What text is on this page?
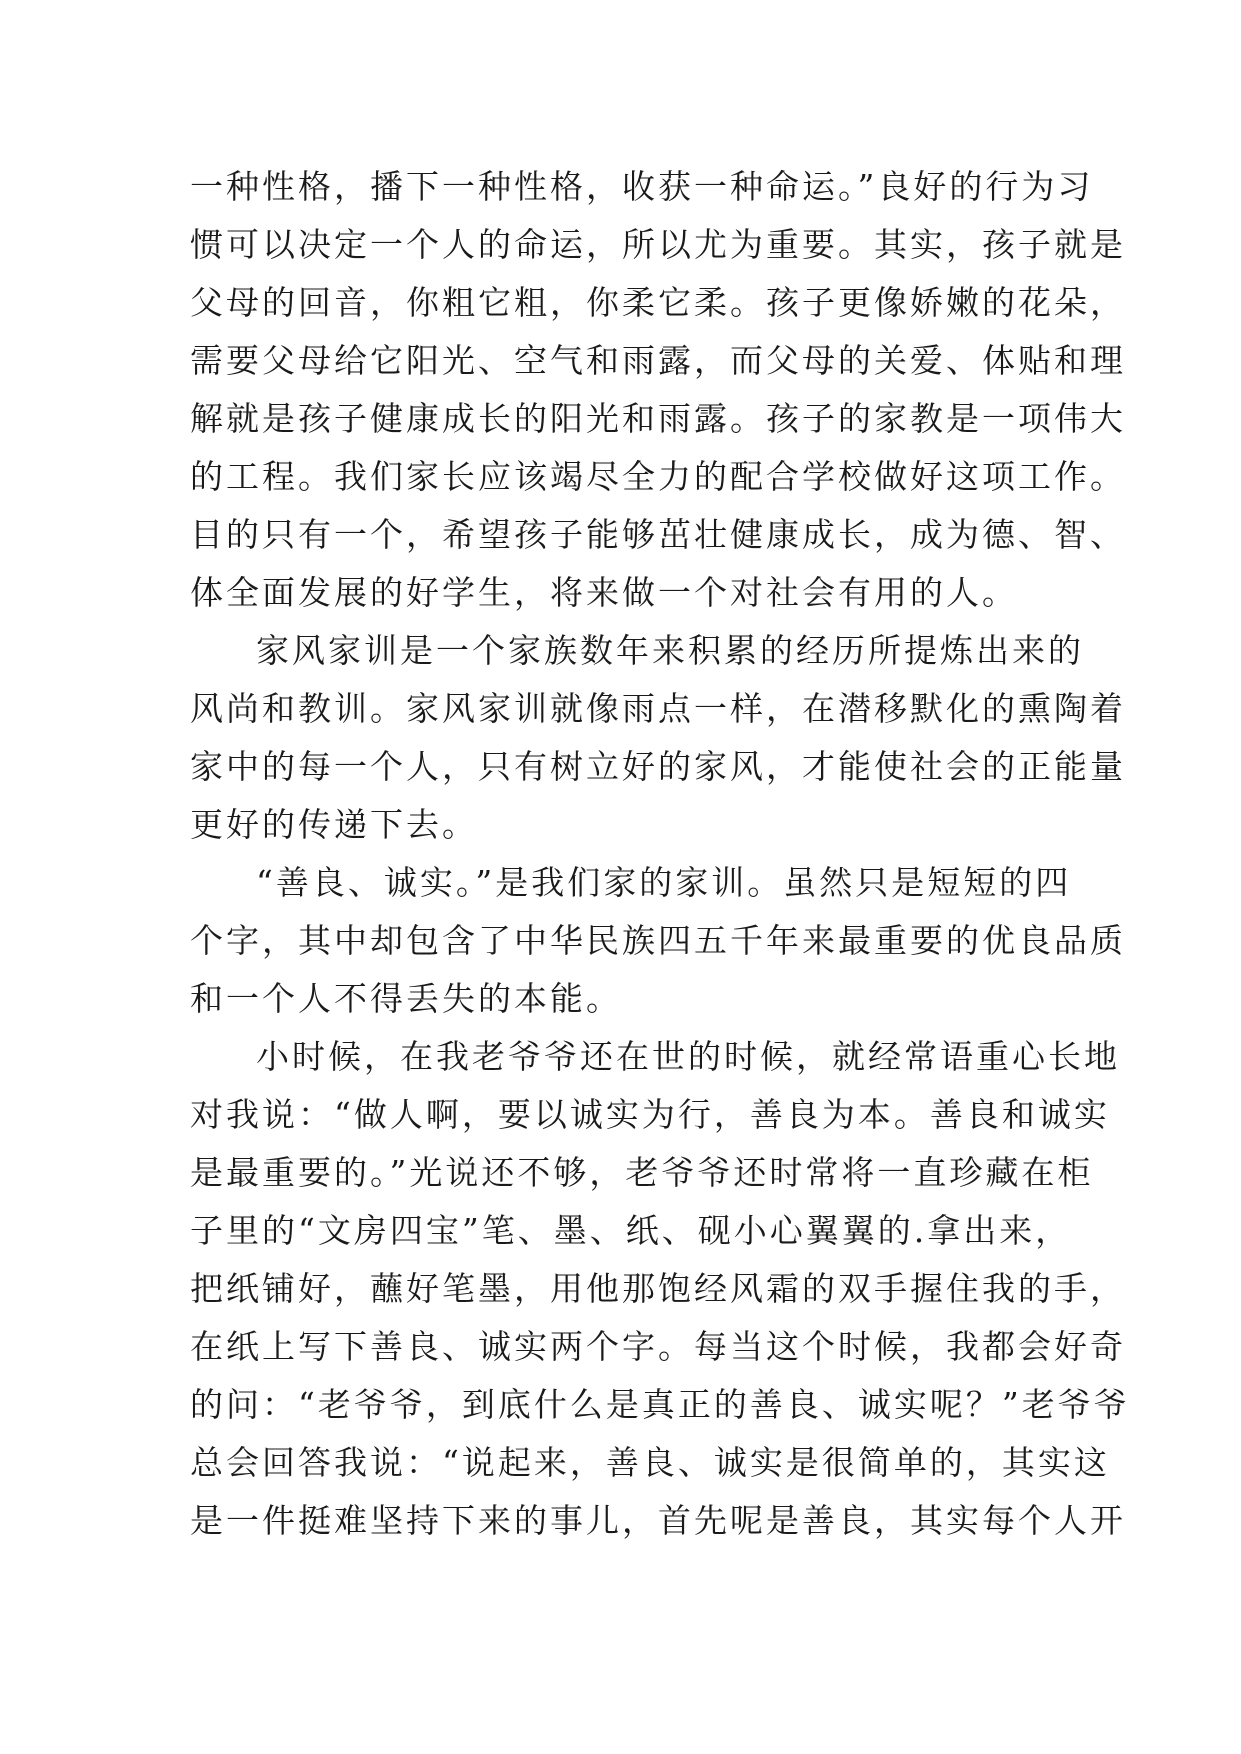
一种性格，播下一种性格，收获一种命运。”良好的行为习
惯可以决定一个人的命运，所以尤为重要。其实，孩子就是
父母的回音，你粗它粗，你柔它柔。孩子更像娇嫩的花朵，
需要父母给它阳光、空气和雨露，而父母的关爱、体贴和理
解就是孩子健康成长的阳光和雨露。孩子的家教是一项伟大
的工程。我们家长应该竭尽全力的配合学校做好这项工作。
目的只有一个，希望孩子能够茁壮健康成长，成为德、智、
体全面发展的好学生，将来做一个对社会有用的人。
家风家训是一个家族数年来积累的经历所提炼出来的
风尚和教训。家风家训就像雨点一样，在潜移默化的熏陶着
家中的每一个人，只有树立好的家风，才能使社会的正能量
更好的传递下去。
“善良、诚实。”是我们家的家训。虽然只是短短的四
个字，其中却包含了中华民族四五千年来最重要的优良品质
和一个人不得丢失的本能。
小时候，在我老爷爷还在世的时候，就经常语重心长地
对我说：“做人啊，要以诚实为行，善良为本。善良和诚实
是最重要的。”光说还不够，老爷爷还时常将一直珍藏在柜
子里的“文房四宝”笔、墨、纸、砚小心翼翼的.拿出来，
把纸铺好，蘸好笔墨，用他那饱经风霜的双手握住我的手，
在纸上写下善良、诚实两个字。每当这个时候，我都会好奇
的问：“老爷爷，到底什么是真正的善良、诚实呢？”老爷爷
总会回答我说：“说起来，善良、诚实是很简单的，其实这
是一件挺难坚持下来的事儿，首先呢是善良，其实每个人开
